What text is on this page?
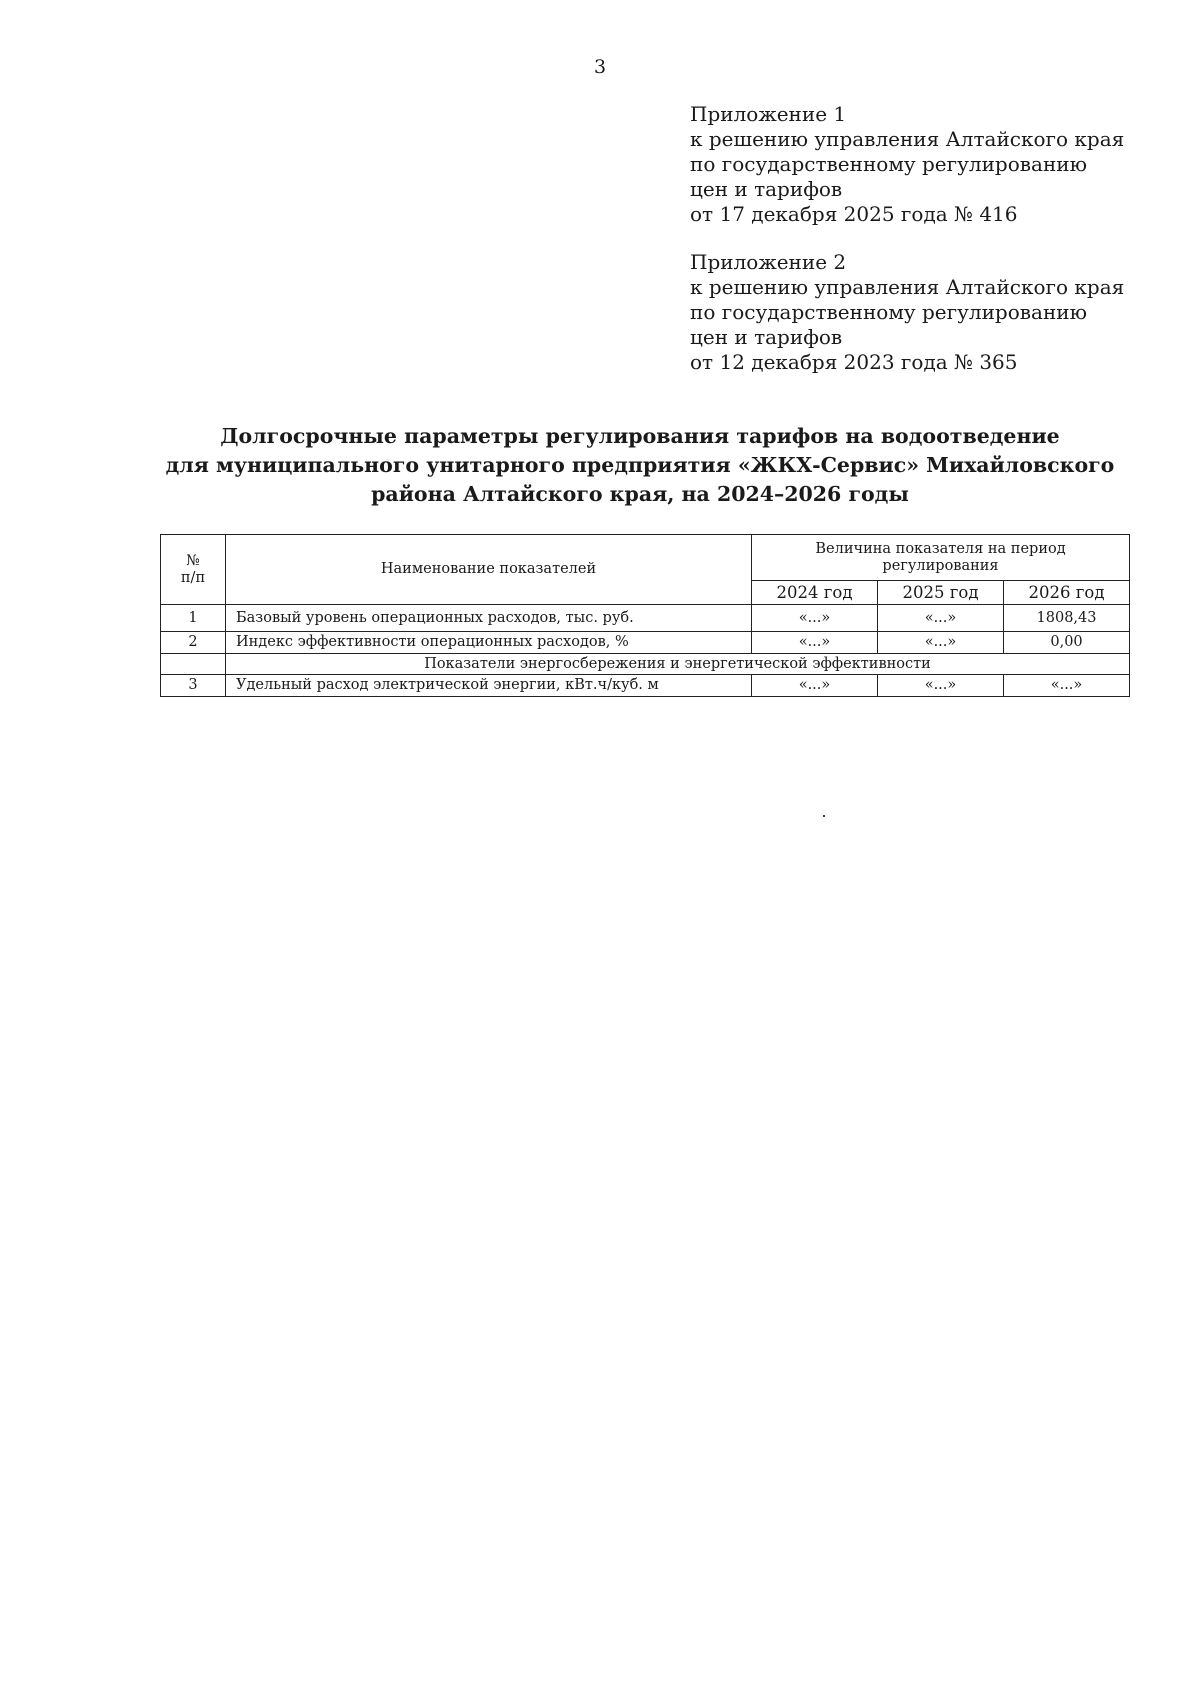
3
Приложение 1
к решению управления Алтайского края
по государственному регулированию
цен и тарифов
от 17 декабря 2025 года № 416
Приложение 2
к решению управления Алтайского края
по государственному регулированию
цен и тарифов
от 12 декабря 2023 года № 365
Долгосрочные параметры регулирования тарифов на водоотведение
для муниципального унитарного предприятия «ЖКХ-Сервис» Михайловского
района Алтайского края, на 2024–2026 годы
№
п/п	Наименование показателей	Величина показателя на период регулирования		
		2024 год	2025 год	2026 год
1	Базовый уровень операционных расходов, тыс. руб.	«...»	«...»	1808,43
2	Индекс эффективности операционных расходов, %	«...»	«...»	0,00
	Показатели энергосбережения и энергетической эффективности			
3	Удельный расход электрической энергии, кВт.ч/куб. м	«...»	«...»	«...»
